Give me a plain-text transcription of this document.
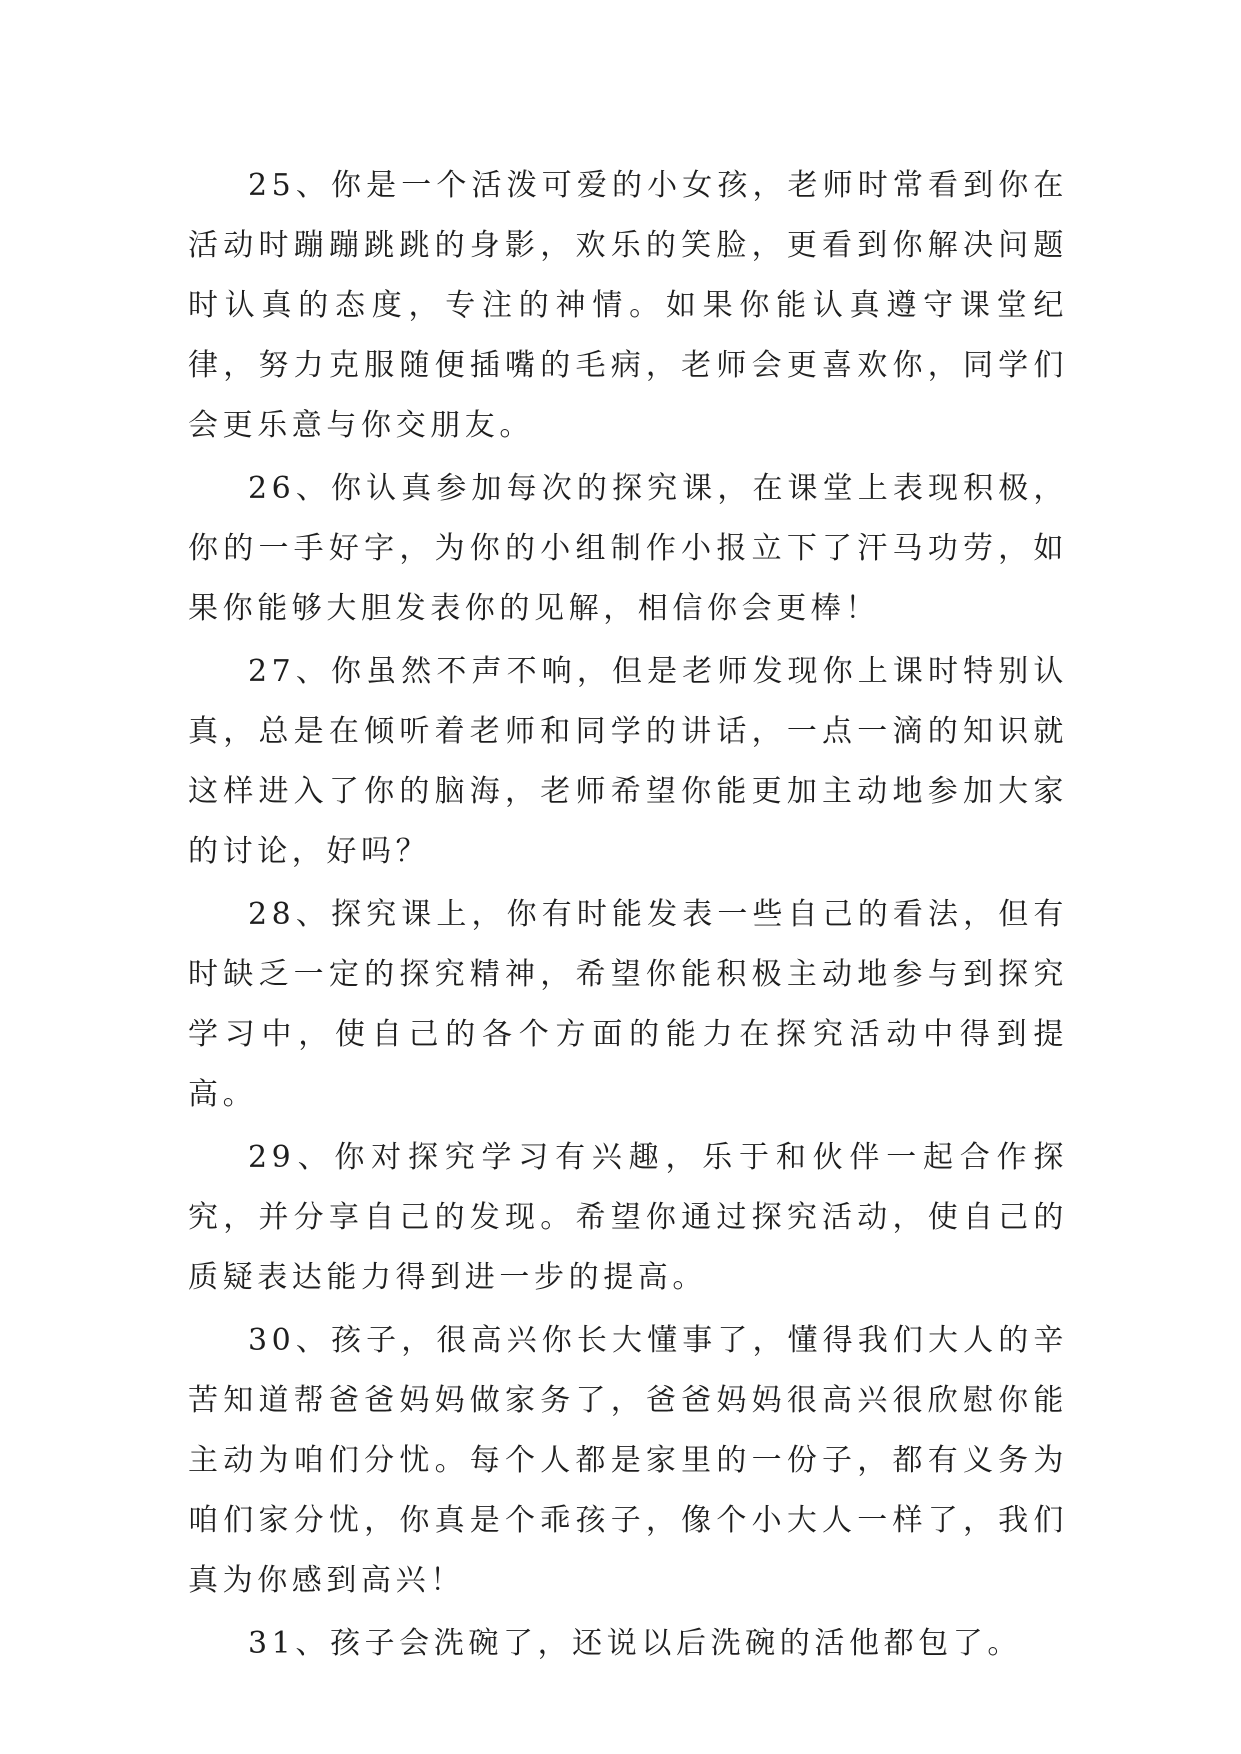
25、你是一个活泼可爱的小女孩，老师时常看到你在活动时蹦蹦跳跳的身影，欢乐的笑脸，更看到你解决问题时认真的态度，专注的神情。如果你能认真遵守课堂纪律，努力克服随便插嘴的毛病，老师会更喜欢你，同学们会更乐意与你交朋友。

26、你认真参加每次的探究课，在课堂上表现积极，你的一手好字，为你的小组制作小报立下了汗马功劳，如果你能够大胆发表你的见解，相信你会更棒！

27、你虽然不声不响，但是老师发现你上课时特别认真，总是在倾听着老师和同学的讲话，一点一滴的知识就这样进入了你的脑海，老师希望你能更加主动地参加大家的讨论，好吗？

28、探究课上，你有时能发表一些自己的看法，但有时缺乏一定的探究精神，希望你能积极主动地参与到探究学习中，使自己的各个方面的能力在探究活动中得到提高。

29、你对探究学习有兴趣，乐于和伙伴一起合作探究，并分享自己的发现。希望你通过探究活动，使自己的质疑表达能力得到进一步的提高。

30、孩子，很高兴你长大懂事了，懂得我们大人的辛苦知道帮爸爸妈妈做家务了，爸爸妈妈很高兴很欣慰你能主动为咱们分忧。每个人都是家里的一份子，都有义务为咱们家分忧，你真是个乖孩子，像个小大人一样了，我们真为你感到高兴！

31、孩子会洗碗了，还说以后洗碗的活他都包了。
